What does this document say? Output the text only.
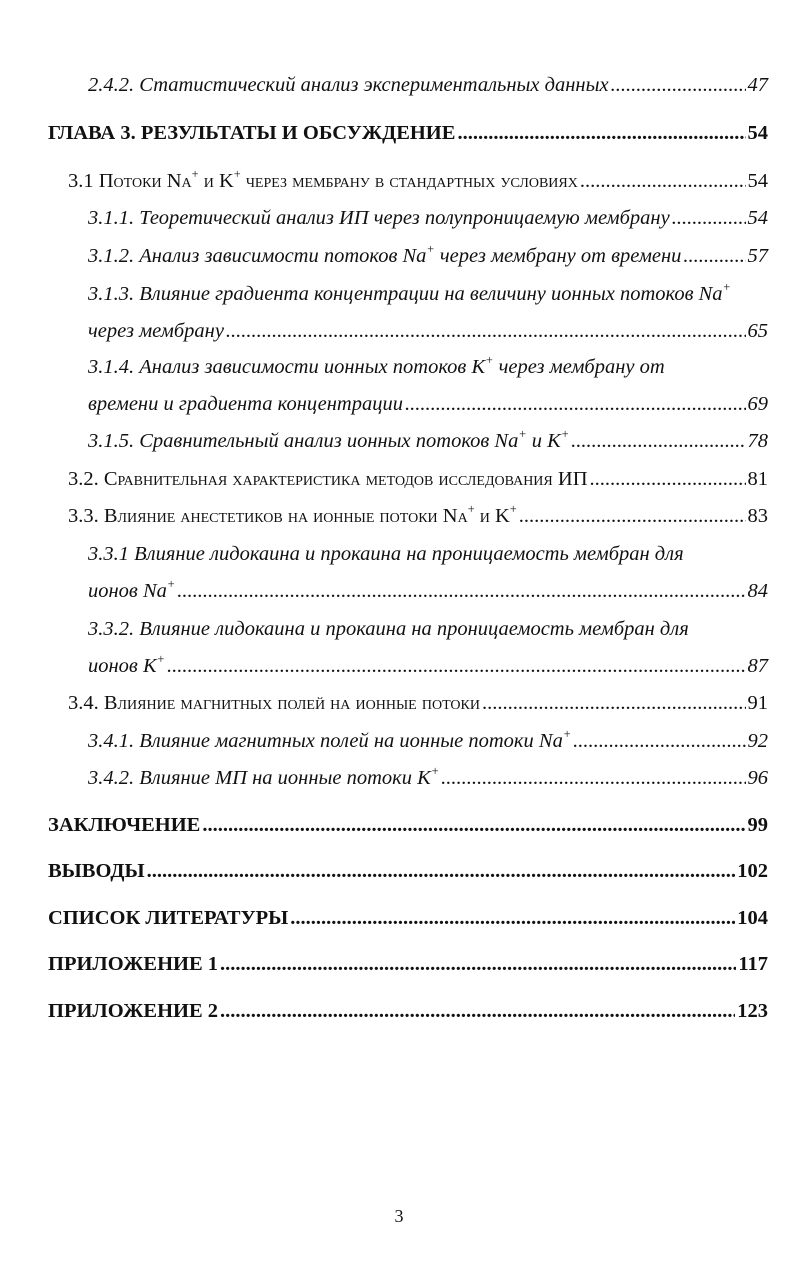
2.4.2. Статистический анализ экспериментальных данных .....	47
ГЛАВА 3. РЕЗУЛЬТАТЫ И ОБСУЖДЕНИЕ .....	54
3.1 Потоки Na+ и K+ через мембрану в стандартных условиях .....	54
3.1.1. Теоретический анализ ИП через полупроницаемую мембрану .....	54
3.1.2. Анализ зависимости потоков Na+ через мембрану от времени .....	57
3.1.3. Влияние градиента концентрации на величину ионных потоков Na+
через мембрану .....	65
3.1.4. Анализ зависимости ионных потоков K+ через мембрану от
времени и градиента концентрации .....	69
3.1.5. Сравнительный анализ ионных потоков Na+ и K+ .....	78
3.2. Сравнительная характеристика методов исследования ИП .....	81
3.3. Влияние анестетиков на ионные потоки Na+ и K+ .....	83
3.3.1 Влияние лидокаина и прокаина на проницаемость мембран для
ионов Na+ .....	84
3.3.2. Влияние лидокаина и прокаина на проницаемость мембран для
ионов K+ .....	87
3.4. Влияние магнитных полей на ионные потоки .....	91
3.4.1. Влияние магнитных полей на ионные потоки Na+ .....	92
3.4.2. Влияние МП на ионные потоки K+ .....	96
ЗАКЛЮЧЕНИЕ .....	99
ВЫВОДЫ .....	102
СПИСОК ЛИТЕРАТУРЫ .....	104
ПРИЛОЖЕНИЕ 1 .....	117
ПРИЛОЖЕНИЕ 2 .....	123
3
